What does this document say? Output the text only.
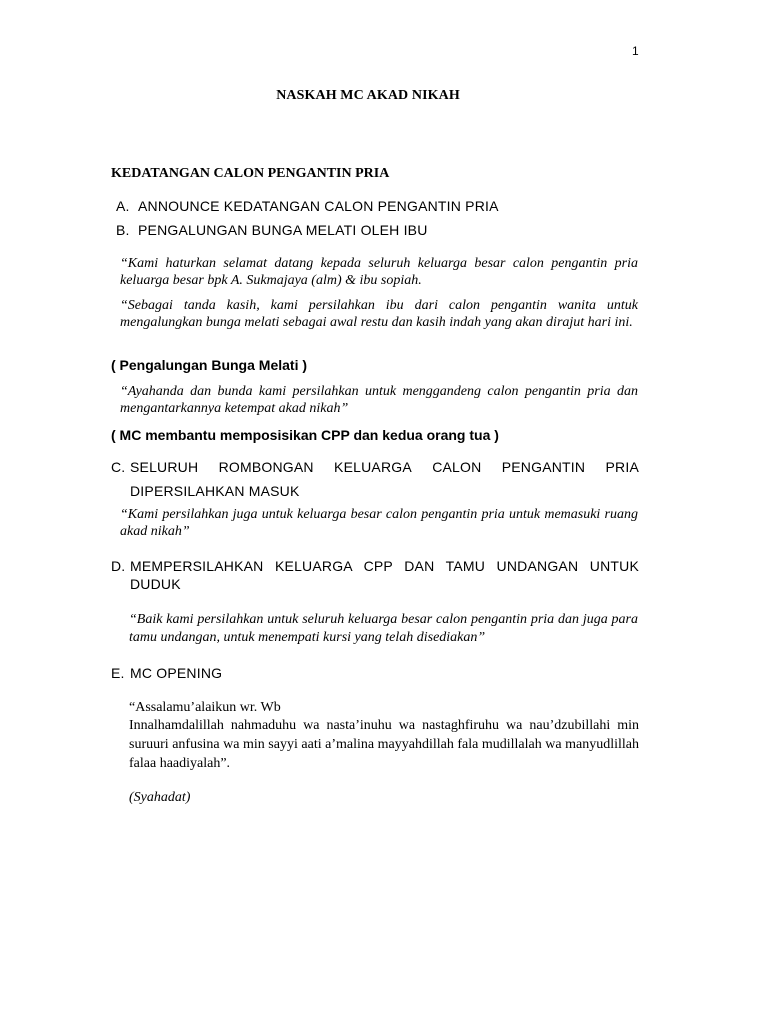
1
NASKAH MC AKAD NIKAH
KEDATANGAN CALON PENGANTIN PRIA
A. ANNOUNCE KEDATANGAN CALON PENGANTIN PRIA
B. PENGALUNGAN BUNGA MELATI OLEH IBU
“Kami haturkan selamat datang kepada seluruh keluarga besar calon pengantin pria keluarga besar bpk A. Sukmajaya (alm) & ibu sopiah.
“Sebagai tanda kasih, kami persilahkan ibu dari calon pengantin wanita untuk mengalungkan bunga melati sebagai awal restu dan kasih indah yang akan dirajut hari ini.
( Pengalungan Bunga Melati )
“Ayahanda dan bunda kami persilahkan untuk menggandeng calon pengantin pria dan mengantarkannya ketempat akad nikah”
( MC membantu memposisikan CPP dan kedua orang tua )
C. SELURUH ROMBONGAN KELUARGA CALON PENGANTIN PRIA
DIPERSILAHKAN MASUK
“Kami persilahkan juga untuk keluarga besar calon pengantin pria untuk memasuki ruang akad nikah”
D. MEMPERSILAHKAN KELUARGA CPP DAN TAMU UNDANGAN UNTUK
DUDUK
“Baik kami persilahkan untuk seluruh keluarga besar calon pengantin pria dan juga para tamu undangan, untuk menempati kursi yang telah disediakan”
E. MC OPENING
“Assalamu’alaikun wr. Wb
Innalhamdalillah nahmaduhu wa nasta’inuhu wa nastaghfiruhu wa nau’dzubillahi min suruuri anfusina wa min sayyi aati a’malina mayyahdillah fala mudillalah wa manyudlillah falaa haadiyalah”.
(Syahadat)
